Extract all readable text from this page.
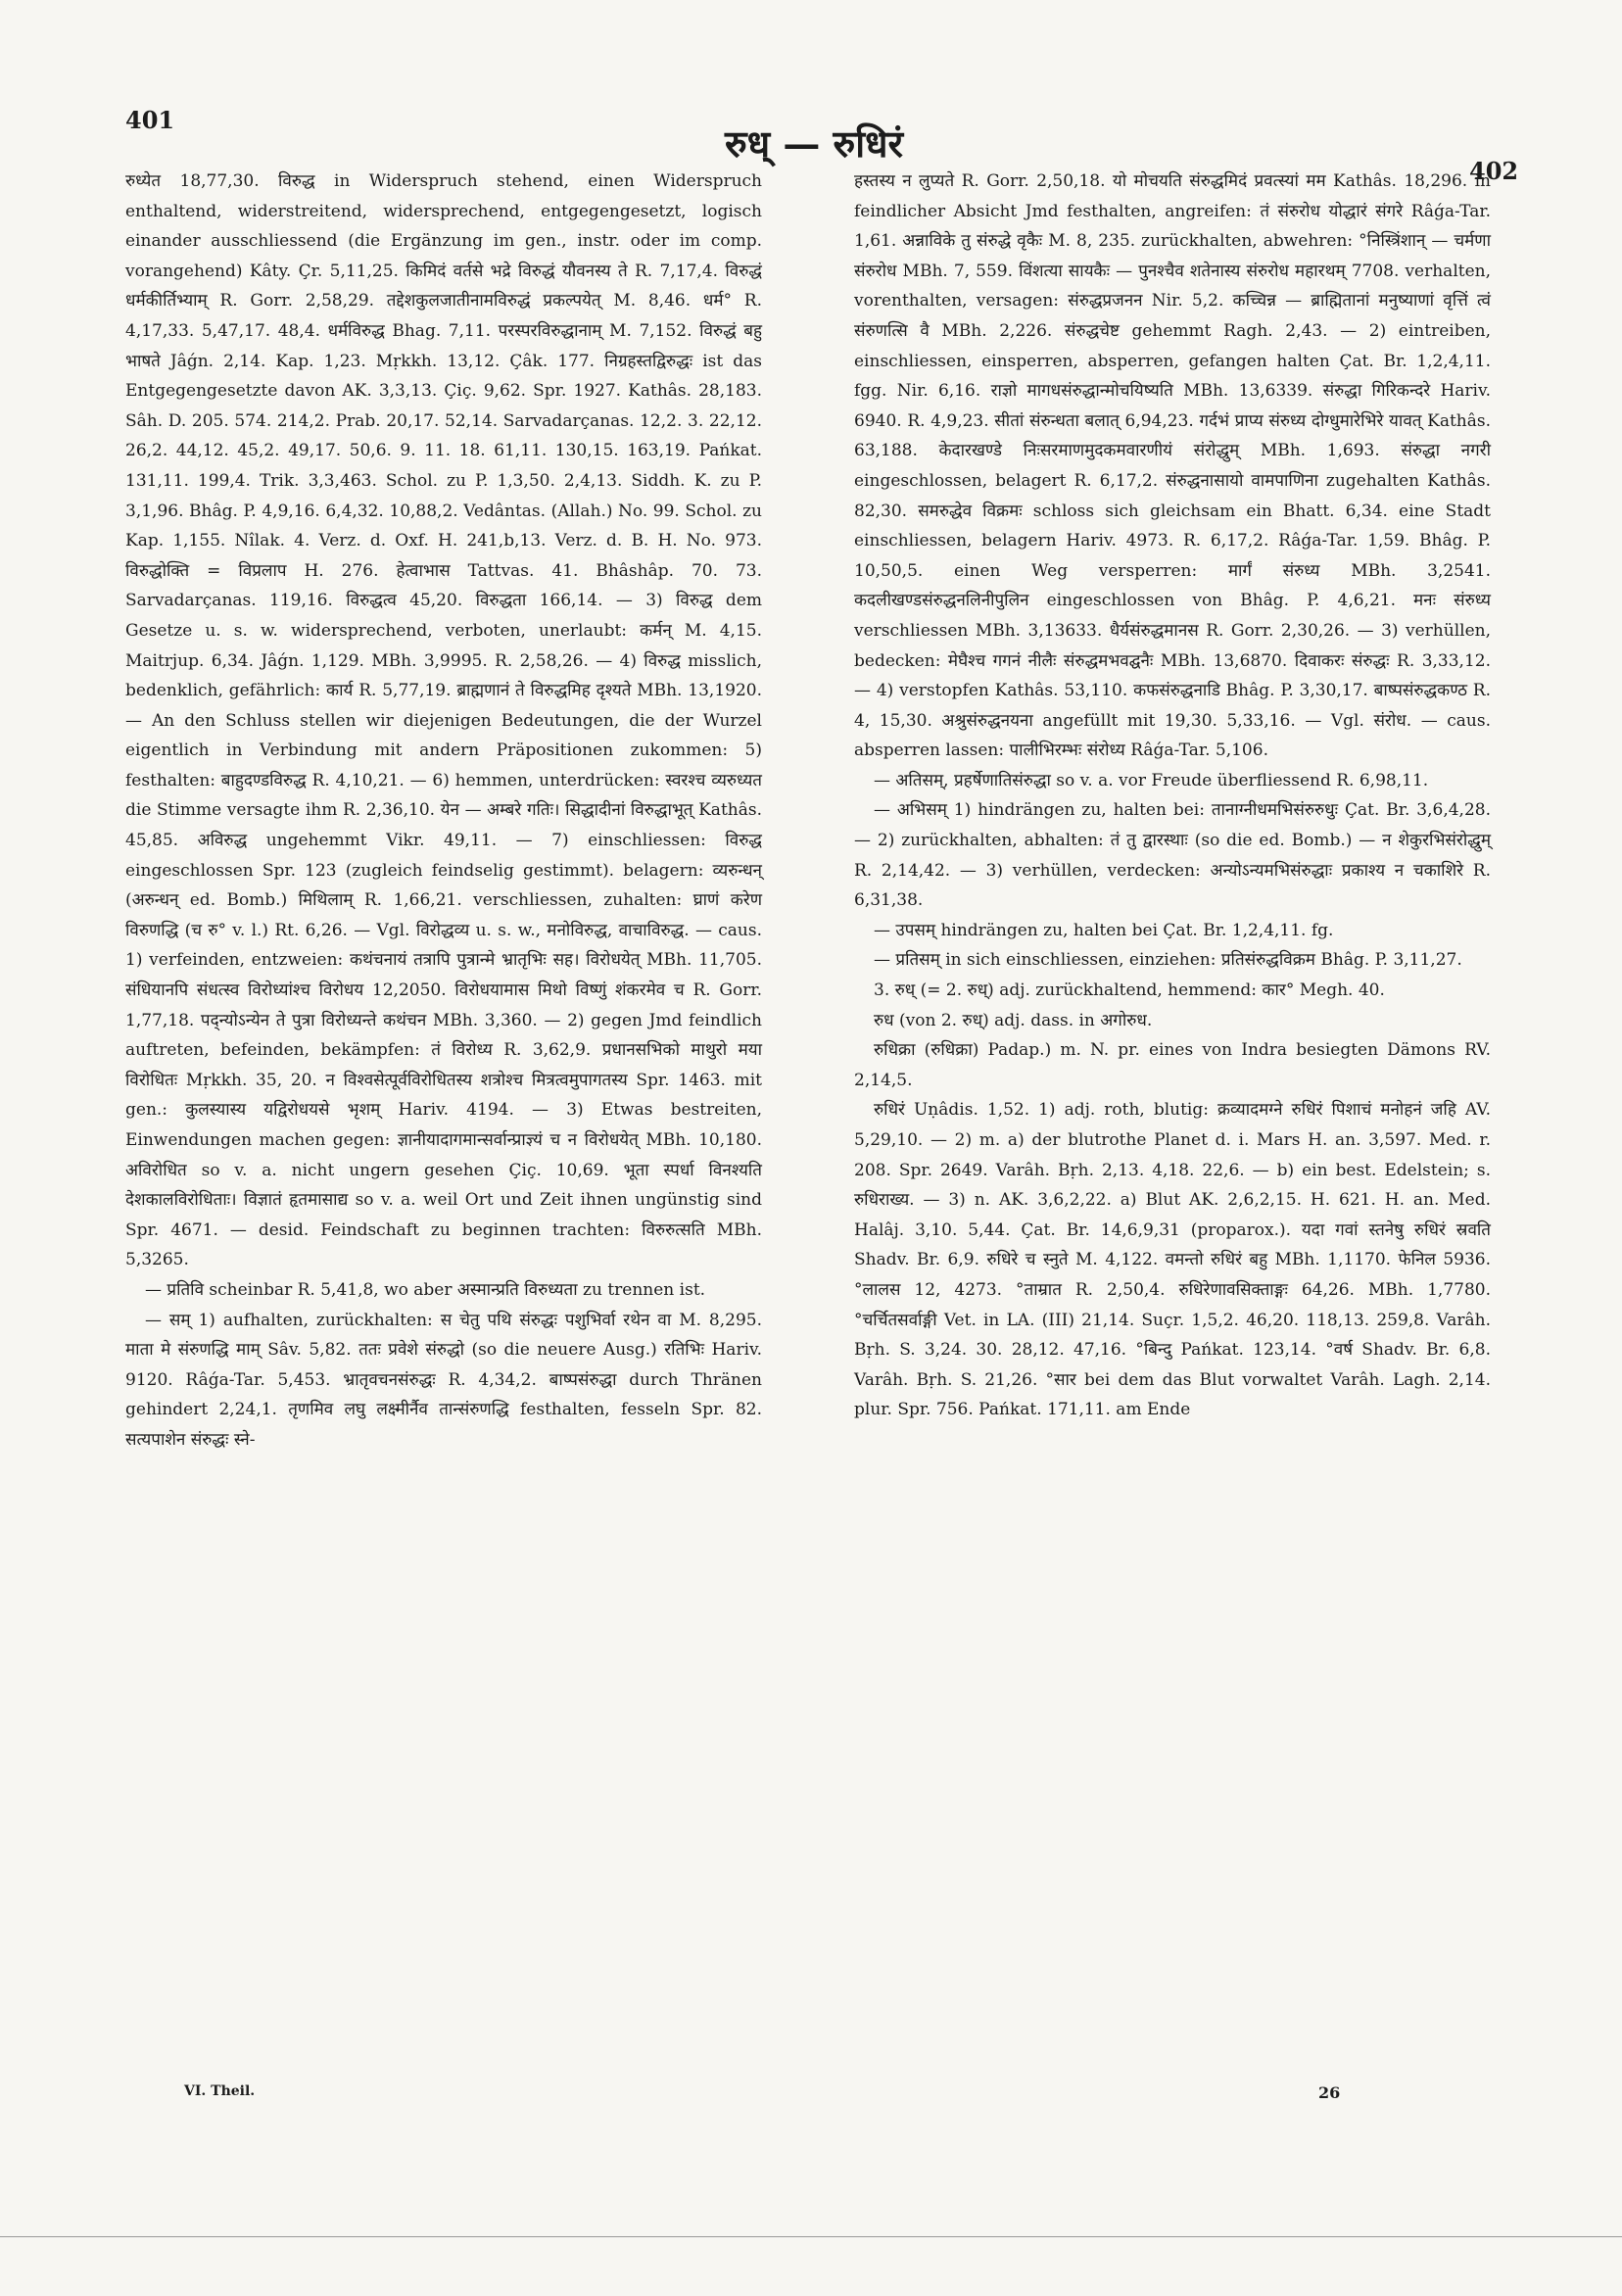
401
रुध् — रुधिरं
402

रुध्येत 18,77,30. विरुद्ध in Widerspruch stehend, einen Widerspruch enthaltend, widerstreitend, widersprechend, entgegengesetzt, logisch einander ausschliessend (die Ergänzung im gen., instr. oder im comp. vorangehend) Kâty. Çr. 5,11,25. किमिदं वर्तसे भद्रे विरुद्धं यौवनस्य ते R. 7,17,4. विरुद्धं धर्मकीर्तिभ्याम् R. Gorr. 2,58,29. तद्देशकुलजातीनामविरुद्धं प्रकल्पयेत् M. 8,46. धर्म° R. 4,17,33. 5,47,17. 48,4. धर्मविरुद्ध Bhag. 7,11. परस्परविरुद्धानाम् M. 7,152. विरुद्धं बहु भाषते Jâǵn. 2,14. Kap. 1,23. Mṛkkh. 13,12. Çâk. 177. निग्रहस्तद्विरुद्धः ist das Entgegengesetzte davon AK. 3,3,13. Çiç. 9,62. Spr. 1927. Kathâs. 28,183. Sâh. D. 205. 574. 214,2. Prab. 20,17. 52,14. Sarvadarçanas. 12,2. 3. 22,12. 26,2. 44,12. 45,2. 49,17. 50,6. 9. 11. 18. 61,11. 130,15. 163,19. Pańkat. 131,11. 199,4. Trik. 3,3,463. Schol. zu P. 1,3,50. 2,4,13. Siddh. K. zu P. 3,1,96. Bhâg. P. 4,9,16. 6,4,32. 10,88,2. Vedântas. (Allah.) No. 99. Schol. zu Kap. 1,155. Nîlak. 4. Verz. d. Oxf. H. 241,b,13. Verz. d. B. H. No. 973. विरुद्धोक्ति = विप्रलाप H. 276. हेत्वाभास Tattvas. 41. Bhâshâp. 70. 73. Sarvadarçanas. 119,16. विरुद्धत्व 45,20. विरुद्धता 166,14. — 3) विरुद्ध dem Gesetze u. s. w. widersprechend, verboten, unerlaubt: कर्मन् M. 4,15. Maitrjup. 6,34. Jâǵn. 1,129. MBh. 3,9995. R. 2,58,26. — 4) विरुद्ध misslich, bedenklich, gefährlich: कार्य R. 5,77,19. ब्राह्मणानं ते विरुद्धमिह दृश्यते MBh. 13,1920. — An den Schluss stellen wir diejenigen Bedeutungen, die der Wurzel eigentlich in Verbindung mit andern Präpositionen zukommen: 5) festhalten: बाहुदण्डविरुद्ध R. 4,10,21. — 6) hemmen, unterdrücken: स्वरश्च व्यरुध्यत die Stimme versagte ihm R. 2,36,10. येन — अम्बरे गतिः। सिद्धादीनां विरुद्धाभूत् Kathâs. 45,85. अविरुद्ध ungehemmt Vikr. 49,11. — 7) einschliessen: विरुद्ध eingeschlossen Spr. 123 (zugleich feindselig gestimmt). belagern: व्यरुन्धन् (अरुन्धन् ed. Bomb.) मिथिलाम् R. 1,66,21. verschliessen, zuhalten: घ्राणं करेण विरुणद्धि (च रु° v. l.) Rt. 6,26. — Vgl. विरोद्धव्य u. s. w., मनोविरुद्ध, वाचाविरुद्ध. — caus. 1) verfeinden, entzweien: कथंचनायं तत्रापि पुत्रान्मे भ्रातृभिः सह। विरोधयेत् MBh. 11,705. संधियानपि संधत्स्व विरोध्यांश्च विरोधय 12,2050. विरोधयामास मिथो विष्णुं शंकरमेव च R. Gorr. 1,77,18. पद्न्योऽन्येन ते पुत्रा विरोध्यन्ते कथंचन MBh. 3,360. — 2) gegen Jmd feindlich auftreten, befeinden, bekämpfen: तं विरोध्य R. 3,62,9. प्रधानसभिको माथुरो मया विरोधितः Mṛkkh. 35, 20. न विश्वसेत्पूर्वविरोधितस्य शत्रोश्च मित्रत्वमुपागतस्य Spr. 1463. mit gen.: कुलस्यास्य यद्विरोधयसे भृशम् Hariv. 4194. — 3) Etwas bestreiten, Einwendungen machen gegen: ज्ञानीयादागमान्सर्वान्प्राज्ञ्यं च न विरोधयेत् MBh. 10,180. अविरोधित so v. a. nicht ungern gesehen Çiç. 10,69. भूता स्पर्धा विनश्यति देशकालविरोधिताः। विज्ञातं हृतमासाद्य so v. a. weil Ort und Zeit ihnen ungünstig sind Spr. 4671. — desid. Feindschaft zu beginnen trachten: विरुरुत्सति MBh. 5,3265.

— प्रतिवि scheinbar R. 5,41,8, wo aber अस्मान्प्रति विरुध्यता zu trennen ist.

— सम् 1) aufhalten, zurückhalten: स चेतु पथि संरुद्धः पशुभिर्वा रथेन वा M. 8,295. माता मे संरुणद्धि माम् Sâv. 5,82. ततः प्रवेशे संरुद्धो (so die neuere Ausg.) रतिभिः Hariv. 9120. Râǵa-Tar. 5,453. भ्रातृवचनसंरुद्धः R. 4,34,2. बाष्पसंरुद्धा durch Thränen gehindert 2,24,1. तृणमिव लघु लक्ष्मीर्नैव तान्संरुणद्धि festhalten, fesseln Spr. 82. सत्यपाशेन संरुद्धः स्ने-

हस्तस्य न लुप्यते R. Gorr. 2,50,18. यो मोचयति संरुद्धमिदं प्रवत्स्यां मम Kathâs. 18,296. in feindlicher Absicht Jmd festhalten, angreifen: तं संरुरोध योद्धारं संगरे Râǵa-Tar. 1,61. अन्नाविके तु संरुद्धे वृकैः M. 8, 235. zurückhalten, abwehren: °निस्त्रिंशान् — चर्मणा संरुरोध MBh. 7, 559. विंशत्या सायकैः — पुनश्चैव शतेनास्य संरुरोध महारथम् 7708. verhalten, vorenthalten, versagen: संरुद्धप्रजनन Nir. 5,2. कच्चिन्न — ब्राह्मितानां मनुष्याणां वृत्तिं त्वं संरुणत्सि वै MBh. 2,226. संरुद्धचेष्ट gehemmt Ragh. 2,43. — 2) eintreiben, einschliessen, einsperren, absperren, gefangen halten Çat. Br. 1,2,4,11. fgg. Nir. 6,16. राज्ञो मागधसंरुद्धान्मोचयिष्यति MBh. 13,6339. संरुद्धा गिरिकन्दरे Hariv. 6940. R. 4,9,23. सीतां संरुन्धता बलात् 6,94,23. गर्दभं प्राप्य संरुध्य दोग्धुमारेभिरे यावत् Kathâs. 63,188. केदारखण्डे निःसरमाणमुदकमवारणीयं संरोद्धुम् MBh. 1,693. संरुद्धा नगरी eingeschlossen, belagert R. 6,17,2. संरुद्धनासायो वामपाणिना zugehalten Kathâs. 82,30. समरुद्धेव विक्रमः schloss sich gleichsam ein Bhatt. 6,34. eine Stadt einschliessen, belagern Hariv. 4973. R. 6,17,2. Râǵa-Tar. 1,59. Bhâg. P. 10,50,5. einen Weg versperren: मार्गं संरुध्य MBh. 3,2541. कदलीखण्डसंरुद्धनलिनीपुलिन eingeschlossen von Bhâg. P. 4,6,21. मनः संरुध्य verschliessen MBh. 3,13633. धैर्यसंरुद्धमानस R. Gorr. 2,30,26. — 3) verhüllen, bedecken: मेघैश्च गगनं नीलैः संरुद्धमभवद्घनैः MBh. 13,6870. दिवाकरः संरुद्धः R. 3,33,12. — 4) verstopfen Kathâs. 53,110. कफसंरुद्धनाडि Bhâg. P. 3,30,17. बाष्पसंरुद्धकण्ठ R. 4, 15,30. अश्रुसंरुद्धनयना angefüllt mit 19,30. 5,33,16. — Vgl. संरोध. — caus. absperren lassen: पालीभिरम्भः संरोध्य Râǵa-Tar. 5,106.

— अतिसम्, प्रहर्षेणातिसंरुद्धा so v. a. vor Freude überfliessend R. 6,98,11.

— अभिसम् 1) hindrängen zu, halten bei: तानाग्नीधमभिसंरुरुधुः Çat. Br. 3,6,4,28. — 2) zurückhalten, abhalten: तं तु द्वारस्थाः (so die ed. Bomb.) — न शेकुरभिसंरोद्धुम् R. 2,14,42. — 3) verhüllen, verdecken: अन्योऽन्यमभिसंरुद्धाः प्रकाश्य न चकाशिरे R. 6,31,38.

— उपसम् hindrängen zu, halten bei Çat. Br. 1,2,4,11. fg.

— प्रतिसम् in sich einschliessen, einziehen: प्रतिसंरुद्धविक्रम Bhâg. P. 3,11,27.

3. रुध् (= 2. रुध्) adj. zurückhaltend, hemmend: कार° Megh. 40.

रुध (von 2. रुध्) adj. dass. in अगोरुध.

रुधिक्रा (रुधिक्रा) Padap.) m. N. pr. eines von Indra besiegten Dämons RV. 2,14,5.

रुधिरं Uṇâdis. 1,52. 1) adj. roth, blutig: क्रव्यादमग्ने रुधिरं पिशाचं मनोहनं जहि AV. 5,29,10. — 2) m. a) der blutrothe Planet d. i. Mars H. an. 3,597. Med. r. 208. Spr. 2649. Varâh. Bṛh. 2,13. 4,18. 22,6. — b) ein best. Edelstein; s. रुधिराख्य. — 3) n. AK. 3,6,2,22. a) Blut AK. 2,6,2,15. H. 621. H. an. Med. Halâj. 3,10. 5,44. Çat. Br. 14,6,9,31 (proparox.). यदा गवां स्तनेषु रुधिरं स्रवति Shadv. Br. 6,9. रुधिरे च स्नुते M. 4,122. वमन्तो रुधिरं बहु MBh. 1,1170. फेनिल 5936. °लालस 12, 4273. °ताम्रात R. 2,50,4. रुधिरेणावसिक्ताङ्गः 64,26. MBh. 1,7780. °चर्चितसर्वाङ्गी Vet. in LA. (III) 21,14. Suçr. 1,5,2. 46,20. 118,13. 259,8. Varâh. Bṛh. S. 3,24. 30. 28,12. 47,16. °बिन्दु Pańkat. 123,14. °वर्ष Shadv. Br. 6,8. Varâh. Bṛh. S. 21,26. °सार bei dem das Blut vorwaltet Varâh. Lagh. 2,14. plur. Spr. 756. Pańkat. 171,11. am Ende

VI. Theil.	26
